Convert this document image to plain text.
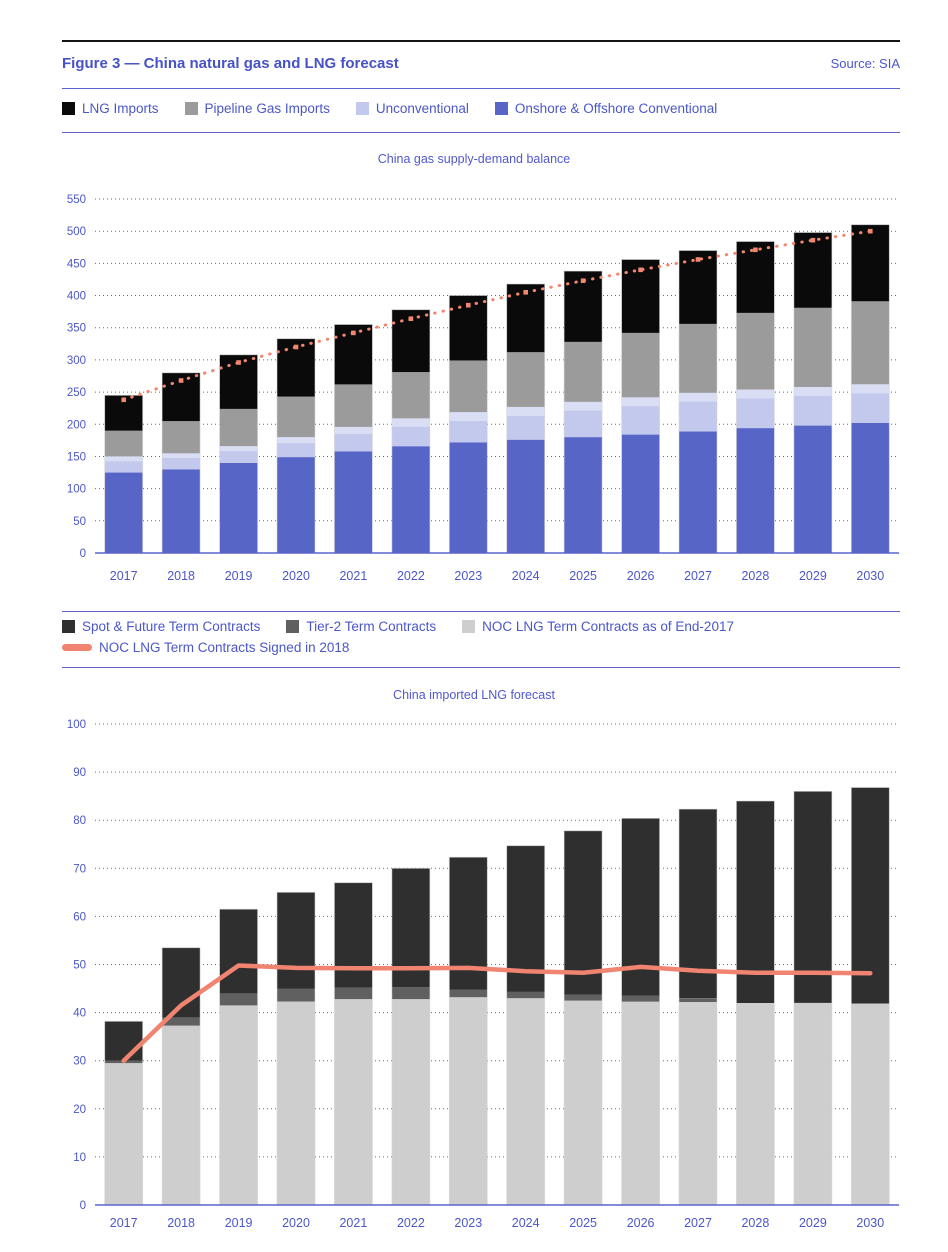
Figure 3 — China natural gas and LNG forecast	Source: SIA
LNG Imports	Pipeline Gas Imports	Unconventional	Onshore & Offshore Conventional
China gas supply-demand balance
0
50
100
150
200
250
300
350
400
450
500
550
2017 2018 2019 2020 2021 2022 2023 2024 2025 2026 2027 2028 2029 2030
Spot & Future Term Contracts	Tier-2 Term Contracts	NOC LNG Term Contracts as of End-2017
NOC LNG Term Contracts Signed in 2018
China imported LNG forecast
0
10
20
30
40
50
60
70
80
90
100
2017 2018 2019 2020 2021 2022 2023 2024 2025 2026 2027 2028 2029 2030
